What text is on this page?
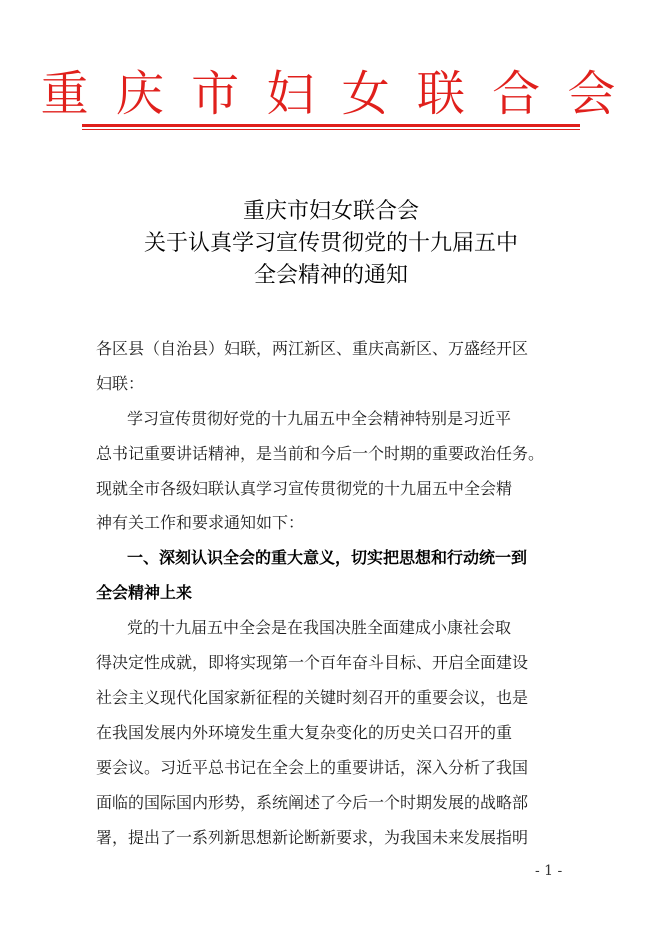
重 庆 市 妇 女 联 合 会
重庆市妇女联合会
关于认真学习宣传贯彻党的十九届五中
全会精神的通知
各区县（自治县）妇联，两江新区、重庆高新区、万盛经开区
妇联：
学习宣传贯彻好党的十九届五中全会精神特别是习近平
总书记重要讲话精神，是当前和今后一个时期的重要政治任务。
现就全市各级妇联认真学习宣传贯彻党的十九届五中全会精
神有关工作和要求通知如下：
一、深刻认识全会的重大意义，切实把思想和行动统一到
全会精神上来
党的十九届五中全会是在我国决胜全面建成小康社会取
得决定性成就，即将实现第一个百年奋斗目标、开启全面建设
社会主义现代化国家新征程的关键时刻召开的重要会议，也是
在我国发展内外环境发生重大复杂变化的历史关口召开的重
要会议。习近平总书记在全会上的重要讲话，深入分析了我国
面临的国际国内形势，系统阐述了今后一个时期发展的战略部
署，提出了一系列新思想新论断新要求，为我国未来发展指明
- 1 -
